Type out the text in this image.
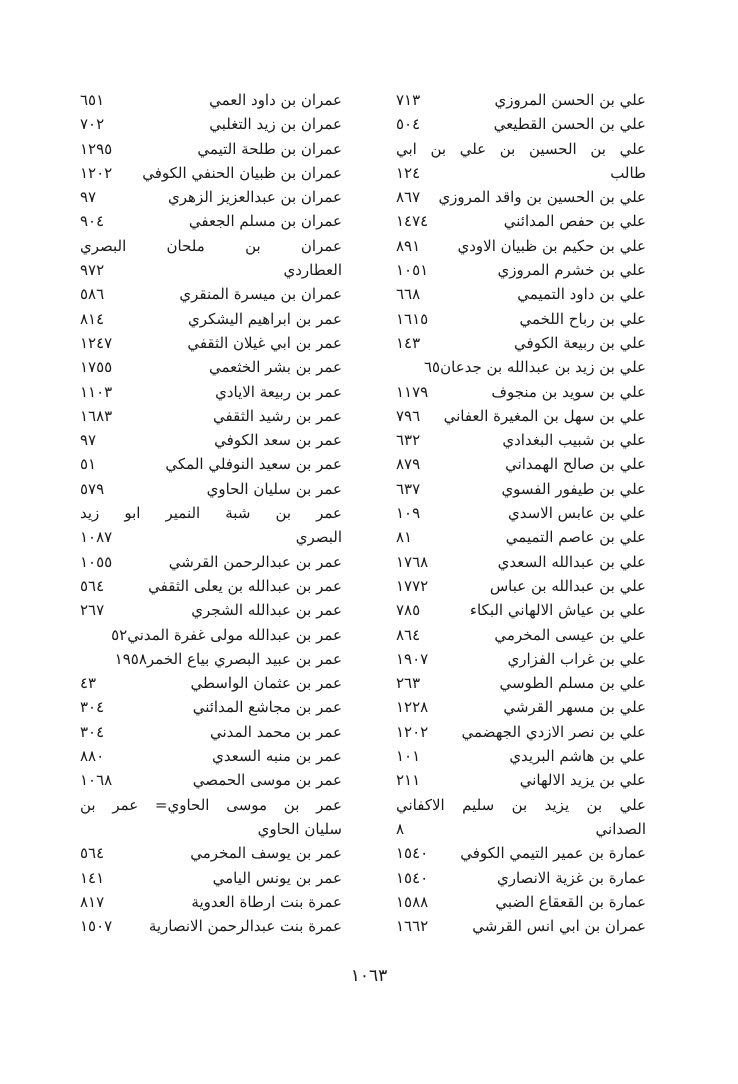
علي بن الحسن المروزي
٧١٣
علي بن الحسن القطيعي
٥٠٤
علي بن الحسين بن علي بن ابي
طالب
١٢٤
علي بن الحسين بن واقد المروزي
٨٦٧
علي بن حفص المدائني
١٤٧٤
علي بن حكيم بن ظبيان الاودي
٨٩١
علي بن خشرم المروزي
١٠٥١
علي بن داود التميمي
٦٦٨
علي بن رباح اللخمي
١٦١٥
علي بن ربيعة الكوفي
١٤٣
علي بن زيد بن عبدالله بن جدعان٦٥
علي بن سويد بن منجوف
١١٧٩
علي بن سهل بن المغيرة العفاني
٧٩٦
علي بن شبيب البغدادي
٦٣٢
علي بن صالح الهمداني
٨٧٩
علي بن طيفور الفسوي
٦٣٧
علي بن عابس الاسدي
١٠٩
علي بن عاصم التميمي
٨١
علي بن عبدالله السعدي
١٧٦٨
علي بن عبدالله بن عباس
١٧٧٢
علي بن عياش الالهاني البكاء
٧٨٥
علي بن عيسى المخرمي
٨٦٤
علي بن غراب الفزاري
١٩٠٧
علي بن مسلم الطوسي
٢٦٣
علي بن مسهر القرشي
١٢٢٨
علي بن نصر الازدي الجهضمي
١٢٠٢
علي بن هاشم البريدي
١٠١
علي بن يزيد الالهاني
٢١١
علي بن يزيد بن سليم الاكفاني
الصداني
٨
عمارة بن عمير التيمي الكوفي
١٥٤٠
عمارة بن غزية الانصاري
١٥٤٠
عمارة بن القعقاع الضبي
١٥٨٨
عمران بن ابي انس القرشي
١٦٦٢
عمران بن داود العمي
٦٥١
عمران بن زيد التغلبي
٧٠٢
عمران بن طلحة التيمي
١٢٩٥
عمران بن ظبيان الحنفي الكوفي
١٢٠٢
عمران بن عبدالعزيز الزهري
٩٧
عمران بن مسلم الجعفي
٩٠٤
عمران بن ملحان البصري
العطاردي
٩٧٢
عمران بن ميسرة المنقري
٥٨٦
عمر بن ابراهيم اليشكري
٨١٤
عمر بن ابي غيلان الثقفي
١٢٤٧
عمر بن بشر الخثعمي
١٧٥٥
عمر بن ربيعة الايادي
١١٠٣
عمر بن رشيد الثقفي
١٦٨٣
عمر بن سعد الكوفي
٩٧
عمر بن سعيد النوفلي المكي
٥١
عمر بن سليان الحاوي
٥٧٩
عمر بن شبة النمير ابو زيد
البصري
١٠٨٧
عمر بن عبدالرحمن القرشي
١٠٥٥
عمر بن عبدالله بن يعلى الثقفي
٥٦٤
عمر بن عبدالله الشجري
٢٦٧
عمر بن عبدالله مولى غفرة المدني٥٢
عمر بن عبيد البصري بياع الخمر١٩٥٨
عمر بن عثمان الواسطي
٤٣
عمر بن مجاشع المدائني
٣٠٤
عمر بن محمد المدني
٣٠٤
عمر بن منبه السعدي
٨٨٠
عمر بن موسى الحمصي
١٠٦٨
عمر بن موسى الحاوي= عمر بن
سليان الحاوي
عمر بن يوسف المخرمي
٥٦٤
عمر بن يونس اليامي
١٤١
عمرة بنت ارطاة العدوية
٨١٧
عمرة بنت عبدالرحمن الانصارية
١٥٠٧
١٠٦٣
